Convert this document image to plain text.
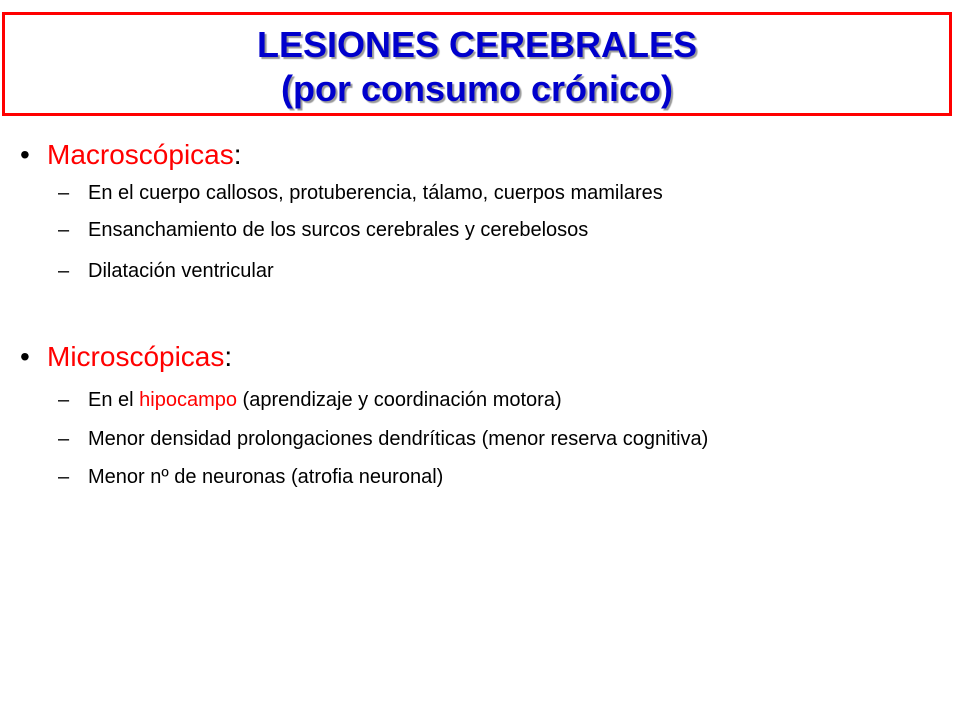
LESIONES CEREBRALES
(por consumo crónico)
• Macroscópicas:
– En el cuerpo callosos, protuberencia, tálamo, cuerpos mamilares
– Ensanchamiento de los surcos cerebrales y cerebelosos
– Dilatación ventricular
• Microscópicas:
– En el hipocampo (aprendizaje y coordinación motora)
– Menor densidad prolongaciones dendríticas (menor reserva cognitiva)
– Menor nº de neuronas (atrofia neuronal)
